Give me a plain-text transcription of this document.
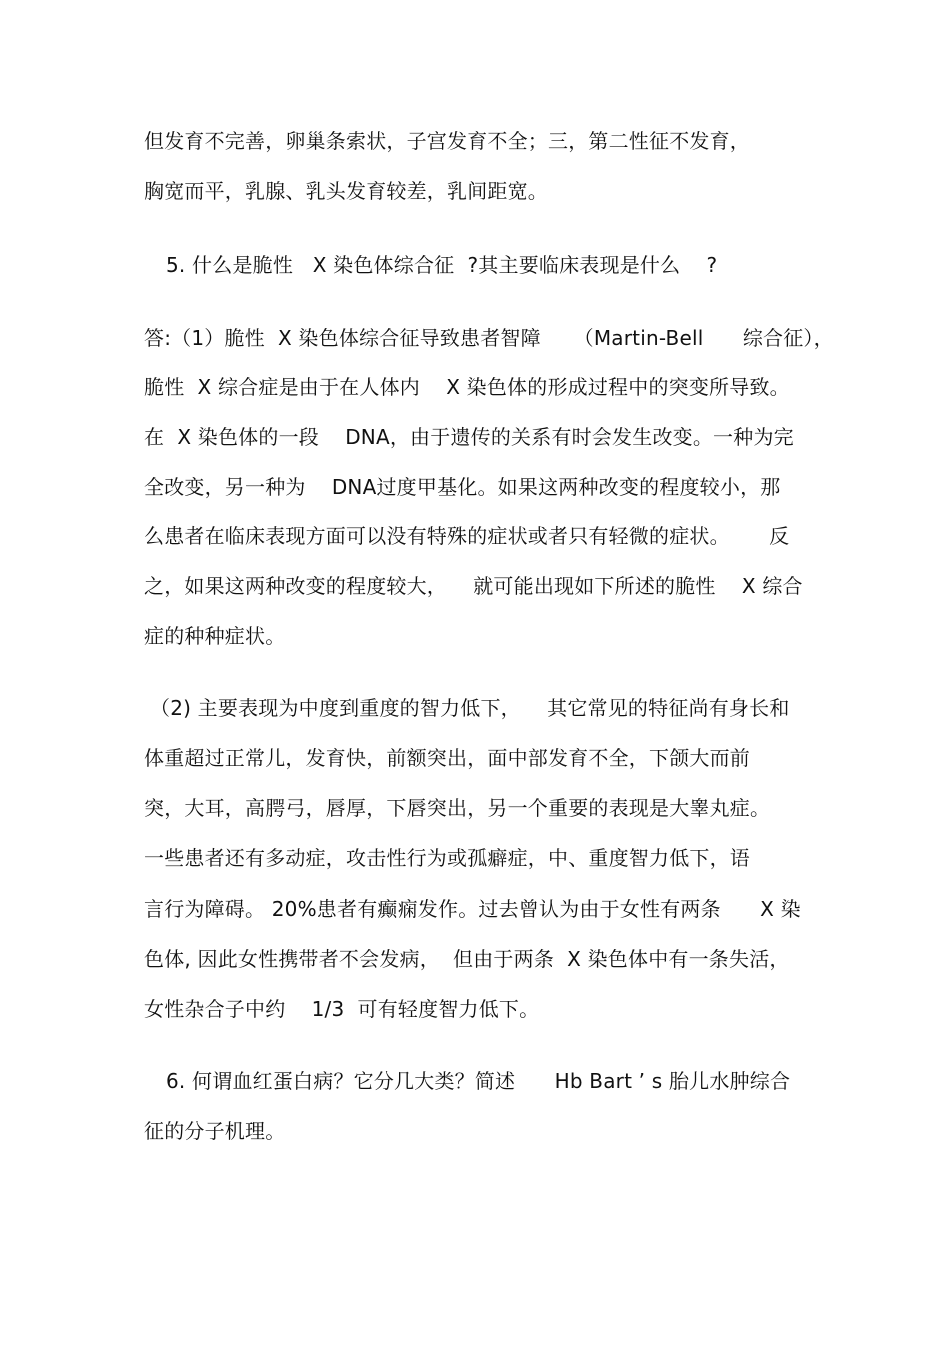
但发育不完善，卵巢条索状，子宫发育不全；三，第二性征不发育，
胸宽而平，乳腺、乳头发育较差，乳间距宽。
5. 什么是脆性   X 染色体综合征  ?其主要临床表现是什么    ?
答:（1）脆性  X 染色体综合征导致患者智障     （Martin-Bell      综合征），
脆性  X 综合症是由于在人体内    X 染色体的形成过程中的突变所导致。
在  X 染色体的一段    DNA，由于遗传的关系有时会发生改变。一种为完
全改变，另一种为    DNA过度甲基化。如果这两种改变的程度较小，那
么患者在临床表现方面可以没有特殊的症状或者只有轻微的症状。      反
之，如果这两种改变的程度较大，    就可能出现如下所述的脆性    X 综合
症的种种症状。
（2) 主要表现为中度到重度的智力低下，    其它常见的特征尚有身长和
体重超过正常儿，发育快，前额突出，面中部发育不全，下颌大而前
突，大耳，高腭弓，唇厚，下唇突出，另一个重要的表现是大睾丸症。
一些患者还有多动症，攻击性行为或孤癖症，中、重度智力低下，语
言行为障碍。 20%患者有癫痫发作。过去曾认为由于女性有两条      X 染
色体, 因此女性携带者不会发病，  但由于两条  X 染色体中有一条失活，
女性杂合子中约    1/3  可有轻度智力低下。
6. 何谓血红蛋白病？它分几大类？简述      Hb Bart ’ s 胎儿水肿综合
征的分子机理。
